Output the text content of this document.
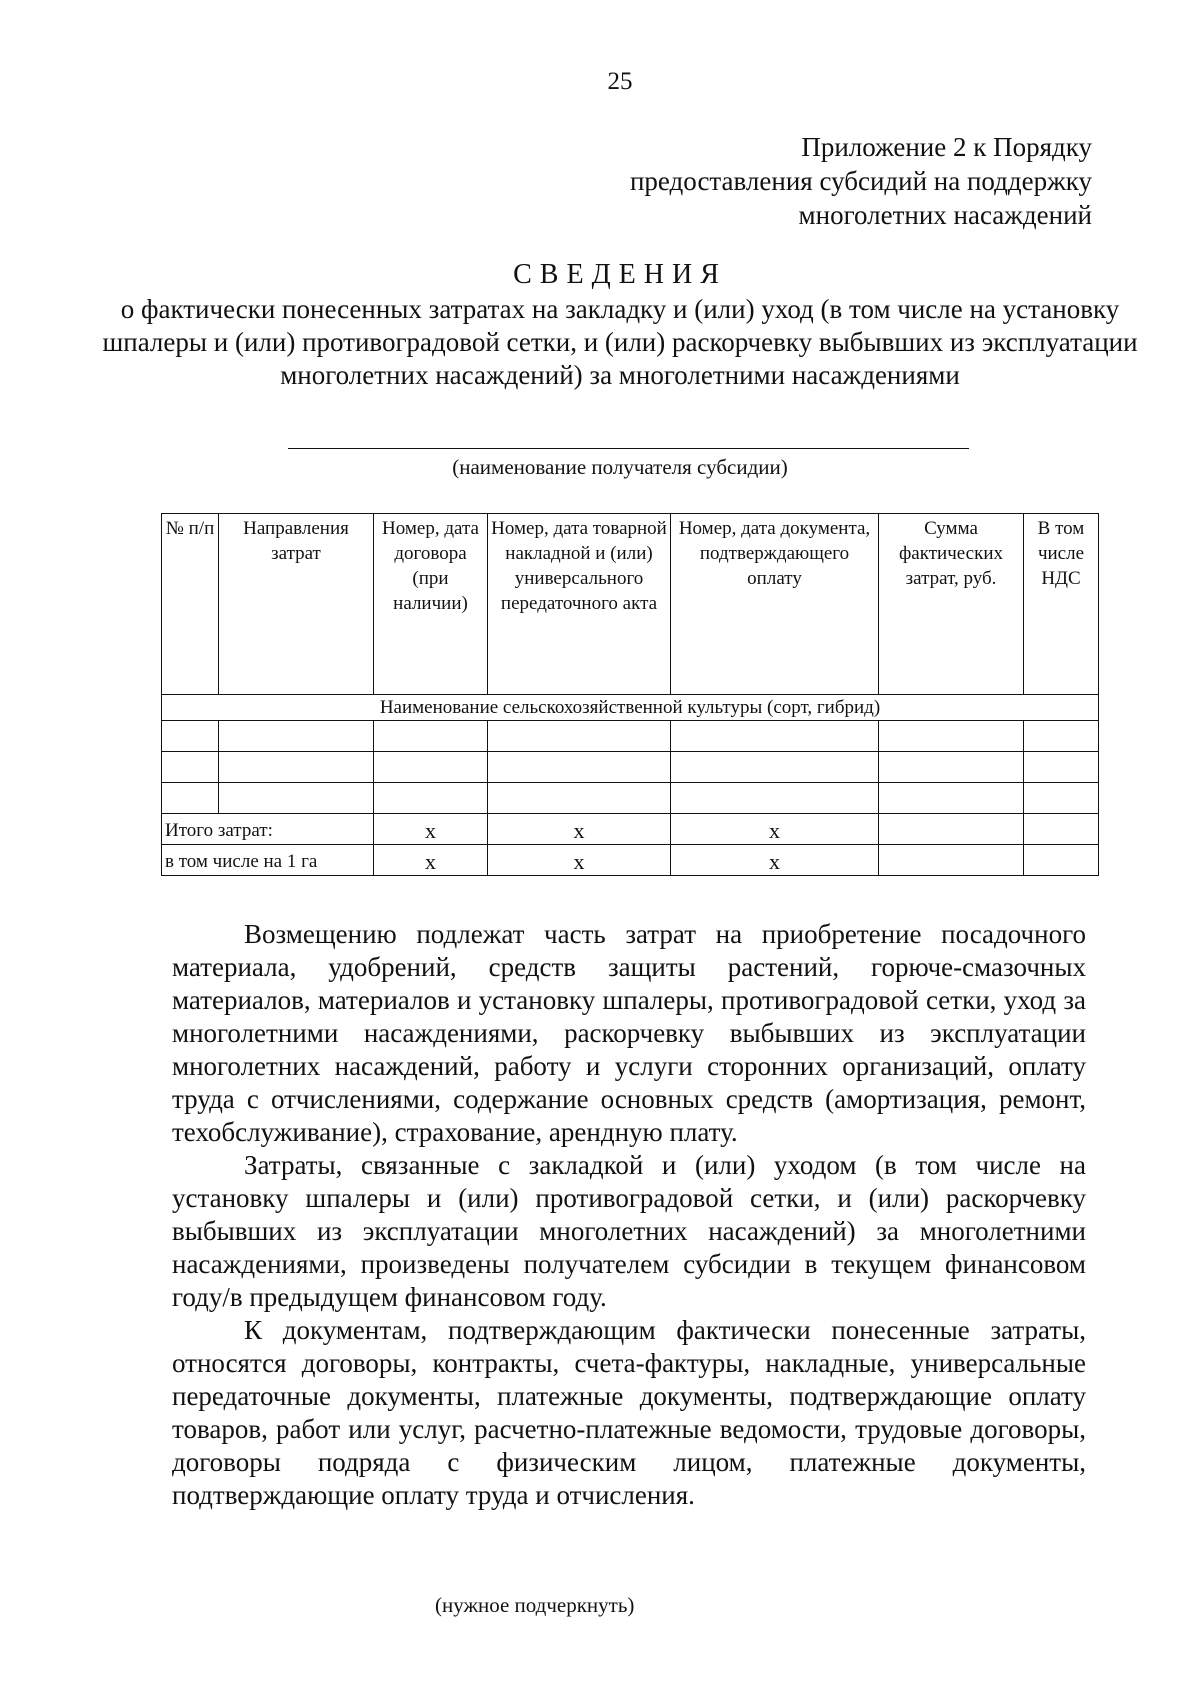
25
Приложение 2 к Порядку
предоставления субсидий на поддержку
многолетних насаждений
СВЕДЕНИЯ
о фактически понесенных затратах на закладку и (или) уход (в том числе на установку шпалеры и (или) противоградовой сетки, и (или) раскорчевку выбывших из эксплуатации многолетних насаждений) за многолетними насаждениями
(наименование получателя субсидии)
№ п/п	Направления затрат	Номер, дата договора (при наличии)	Номер, дата товарной накладной и (или) универсального передаточного акта	Номер, дата документа, подтверждающего оплату	Сумма фактических затрат, руб.	В том числе НДС
Наименование сельскохозяйственной культуры (сорт, гибрид)						

Итого затрат:		x	x	x		
в том числе на 1 га		x	x	x		

Возмещению подлежат часть затрат на приобретение посадочного материала, удобрений, средств защиты растений, горюче-смазочных материалов, материалов и установку шпалеры, противоградовой сетки, уход за многолетними насаждениями, раскорчевку выбывших из эксплуатации многолетних насаждений, работу и услуги сторонних организаций, оплату труда с отчислениями, содержание основных средств (амортизация, ремонт, техобслуживание), страхование, арендную плату.

Затраты, связанные с закладкой и (или) уходом (в том числе на установку шпалеры и (или) противоградовой сетки, и (или) раскорчевку выбывших из эксплуатации многолетних насаждений) за многолетними насаждениями, произведены получателем субсидии в текущем финансовом году/в предыдущем финансовом году.

К документам, подтверждающим фактически понесенные затраты, относятся договоры, контракты, счета-фактуры, накладные, универсальные передаточные документы, платежные документы, подтверждающие оплату товаров, работ или услуг, расчетно-платежные ведомости, трудовые договоры, договоры подряда с физическим лицом, платежные документы, подтверждающие оплату труда и отчисления.

(нужное подчеркнуть)
